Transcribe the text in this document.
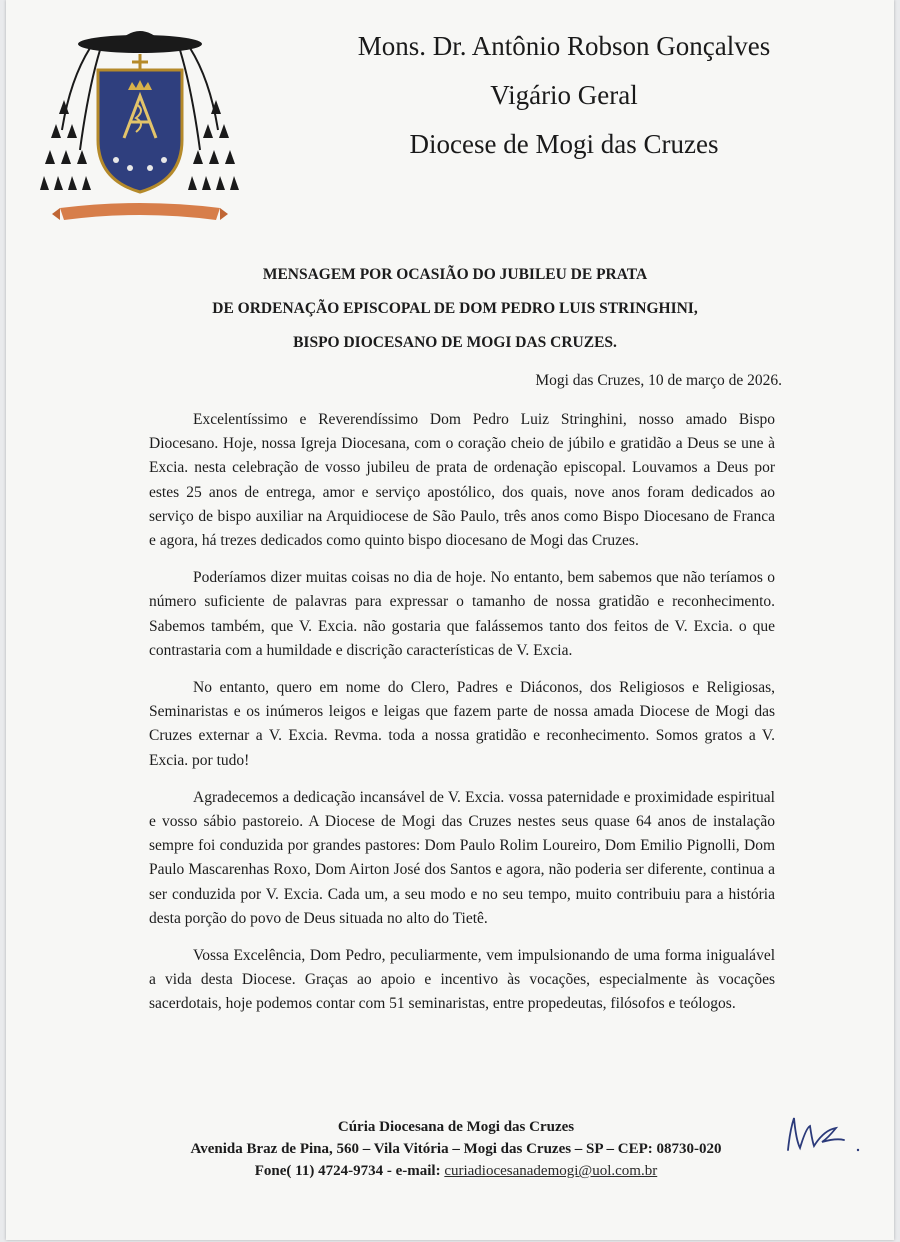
Mons. Dr. Antônio Robson Gonçalves
Vigário Geral
Diocese de Mogi das Cruzes
MENSAGEM POR OCASIÃO DO JUBILEU DE PRATA
DE ORDENAÇÃO EPISCOPAL DE DOM PEDRO LUIS STRINGHINI,
BISPO DIOCESANO DE MOGI DAS CRUZES.
Mogi das Cruzes, 10 de março de 2026.

Excelentíssimo e Reverendíssimo Dom Pedro Luiz Stringhini, nosso amado Bispo Diocesano. Hoje, nossa Igreja Diocesana, com o coração cheio de júbilo e gratidão a Deus se une à Excia. nesta celebração de vosso jubileu de prata de ordenação episcopal. Louvamos a Deus por estes 25 anos de entrega, amor e serviço apostólico, dos quais, nove anos foram dedicados ao serviço de bispo auxiliar na Arquidiocese de São Paulo, três anos como Bispo Diocesano de Franca e agora, há trezes dedicados como quinto bispo diocesano de Mogi das Cruzes.

Poderíamos dizer muitas coisas no dia de hoje. No entanto, bem sabemos que não teríamos o número suficiente de palavras para expressar o tamanho de nossa gratidão e reconhecimento. Sabemos também, que V. Excia. não gostaria que falássemos tanto dos feitos de V. Excia. o que contrastaria com a humildade e discrição características de V. Excia.

No entanto, quero em nome do Clero, Padres e Diáconos, dos Religiosos e Religiosas, Seminaristas e os inúmeros leigos e leigas que fazem parte de nossa amada Diocese de Mogi das Cruzes externar a V. Excia. Revma. toda a nossa gratidão e reconhecimento. Somos gratos a V. Excia. por tudo!

Agradecemos a dedicação incansável de V. Excia. vossa paternidade e proximidade espiritual e vosso sábio pastoreio. A Diocese de Mogi das Cruzes nestes seus quase 64 anos de instalação sempre foi conduzida por grandes pastores: Dom Paulo Rolim Loureiro, Dom Emilio Pignolli, Dom Paulo Mascarenhas Roxo, Dom Airton José dos Santos e agora, não poderia ser diferente, continua a ser conduzida por V. Excia. Cada um, a seu modo e no seu tempo, muito contribuiu para a história desta porção do povo de Deus situada no alto do Tietê.

Vossa Excelência, Dom Pedro, peculiarmente, vem impulsionando de uma forma inigualável a vida desta Diocese. Graças ao apoio e incentivo às vocações, especialmente às vocações sacerdotais, hoje podemos contar com 51 seminaristas, entre propedeutas, filósofos e teólogos.

Cúria Diocesana de Mogi das Cruzes
Avenida Braz de Pina, 560 – Vila Vitória – Mogi das Cruzes – SP – CEP: 08730-020
Fone( 11) 4724-9734 - e-mail: curiadiocesanademogi@uol.com.br
